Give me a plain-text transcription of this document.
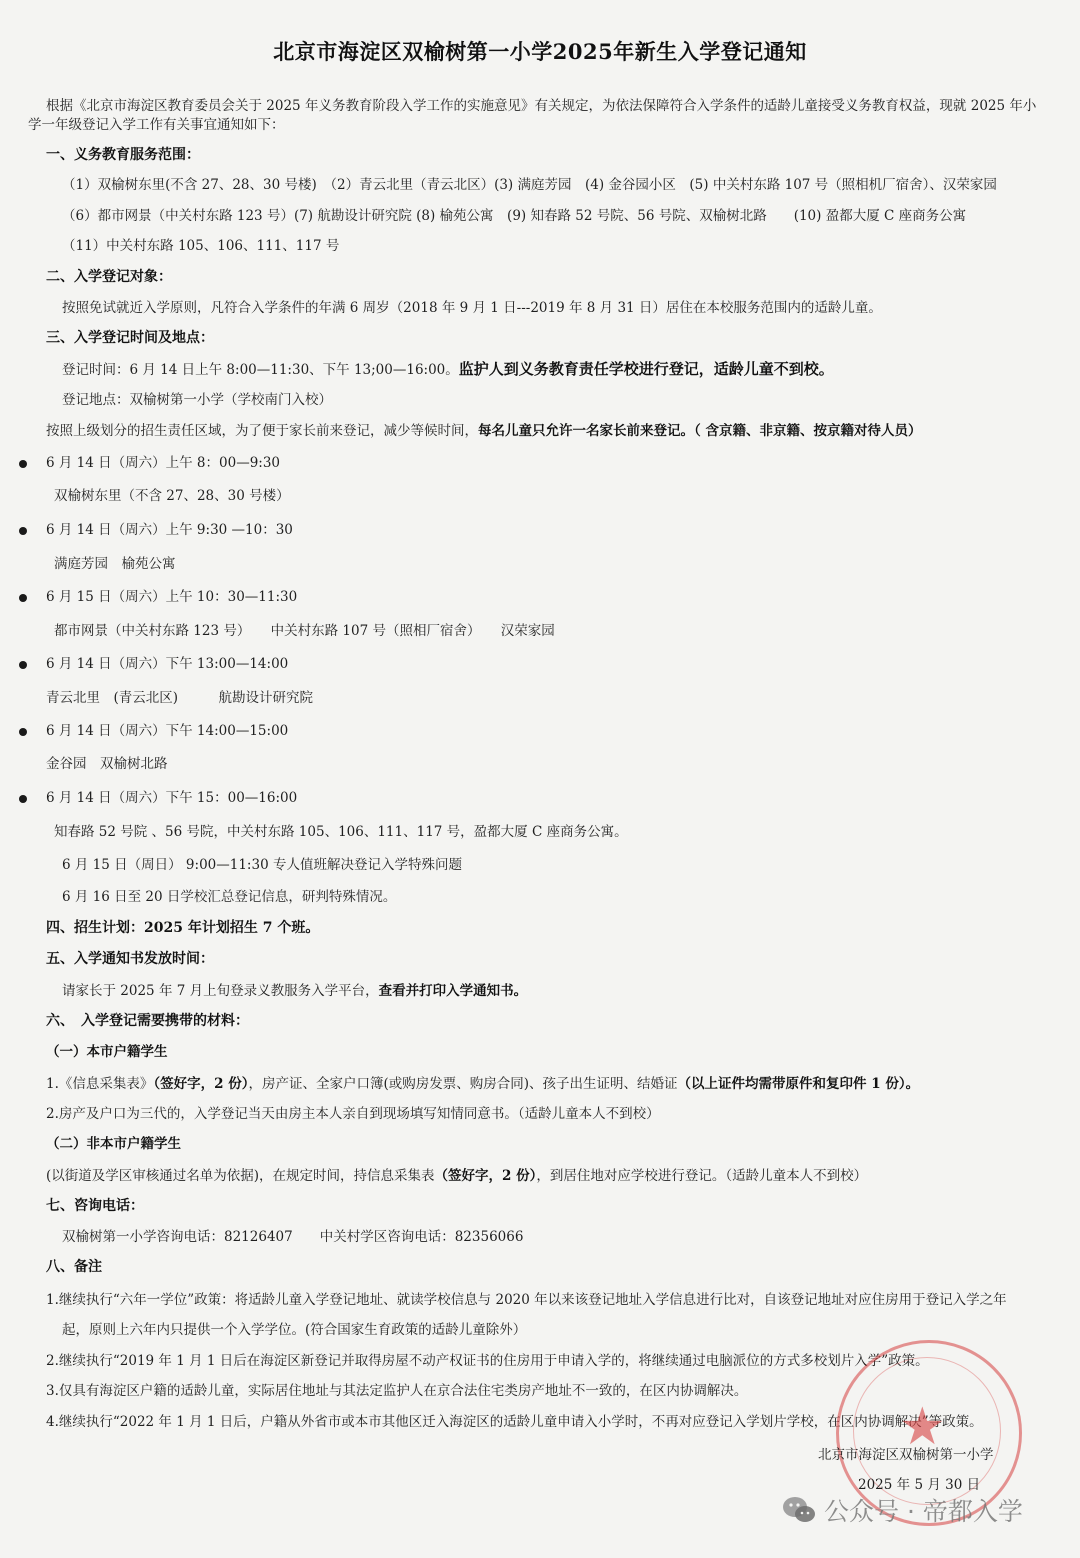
北京市海淀区双榆树第一小学2025年新生入学登记通知
根据《北京市海淀区教育委员会关于 2025 年义务教育阶段入学工作的实施意见》有关规定，为依法保障符合入学条件的适龄儿童接受义务教育权益，现就 2025 年小
学一年级登记入学工作有关事宜通知如下：
一、义务教育服务范围：
（1）双榆树东里(不含 27、28、30 号楼)　（2）青云北里（青云北区）(3) 满庭芳园　(4) 金谷园小区　(5) 中关村东路 107 号（照相机厂宿舍）、汉荣家园
（6）都市网景（中关村东路 123 号）(7) 航勘设计研究院 (8) 榆苑公寓　(9) 知春路 52 号院、56 号院、双榆树北路　　(10) 盈都大厦 C 座商务公寓
（11）中关村东路 105、106、111、117 号
二、入学登记对象：
按照免试就近入学原则，凡符合入学条件的年满 6 周岁（2018 年 9 月 1 日---2019 年 8 月 31 日）居住在本校服务范围内的适龄儿童。
三、入学登记时间及地点：
登记时间：6 月 14 日上午 8:00—11:30、下午 13;00—16:00。监护人到义务教育责任学校进行登记，适龄儿童不到校。
登记地点：双榆树第一小学（学校南门入校）
按照上级划分的招生责任区域，为了便于家长前来登记，减少等候时间，每名儿童只允许一名家长前来登记。（ 含京籍、非京籍、按京籍对待人员）
6 月 14 日（周六）上午 8：00—9:30
双榆树东里（不含 27、28、30 号楼）
6 月 14 日（周六）上午 9:30 —10：30
满庭芳园　榆苑公寓
6 月 15 日（周六）上午 10：30—11:30
都市网景（中关村东路 123 号）　　中关村东路 107 号（照相厂宿舍）　　汉荣家园
6 月 14 日（周六）下午 13:00—14:00
青云北里　(青云北区)　　　航勘设计研究院
6 月 14 日（周六）下午 14:00—15:00
金谷园　双榆树北路
6 月 14 日（周六）下午 15：00—16:00
知春路 52 号院 、56 号院，中关村东路 105、106、111、117 号，盈都大厦 C 座商务公寓。
6 月 15 日（周日） 9:00—11:30 专人值班解决登记入学特殊问题
6 月 16 日至 20 日学校汇总登记信息，研判特殊情况。
四、招生计划：2025 年计划招生 7 个班。
五、入学通知书发放时间：
请家长于 2025 年 7 月上旬登录义教服务入学平台，查看并打印入学通知书。
六、　入学登记需要携带的材料：
（一）本市户籍学生
1.《信息采集表》（签好字，2 份），房产证、全家户口簿(或购房发票、购房合同)、孩子出生证明、结婚证（以上证件均需带原件和复印件 1 份）。
2.房产及户口为三代的，入学登记当天由房主本人亲自到现场填写知情同意书。（适龄儿童本人不到校）
（二）非本市户籍学生
(以街道及学区审核通过名单为依据)，在规定时间，持信息采集表（签好字，2 份），到居住地对应学校进行登记。（适龄儿童本人不到校）
七、咨询电话：
双榆树第一小学咨询电话：82126407　　中关村学区咨询电话：82356066
八、备注
1.继续执行“六年一学位”政策：将适龄儿童入学登记地址、就读学校信息与 2020 年以来该登记地址入学信息进行比对，自该登记地址对应住房用于登记入学之年
起，原则上六年内只提供一个入学学位。(符合国家生育政策的适龄儿童除外）
2.继续执行“2019 年 1 月 1 日后在海淀区新登记并取得房屋不动产权证书的住房用于申请入学的，将继续通过电脑派位的方式多校划片入学”政策。
3.仅具有海淀区户籍的适龄儿童，实际居住地址与其法定监护人在京合法住宅类房产地址不一致的，在区内协调解决。
4.继续执行“2022 年 1 月 1 日后，户籍从外省市或本市其他区迁入海淀区的适龄儿童申请入小学时，不再对应登记入学划片学校，在区内协调解决”等政策。
★
北京市海淀区双榆树第一小学
2025 年 5 月 30 日
公众号 · 帝都入学
